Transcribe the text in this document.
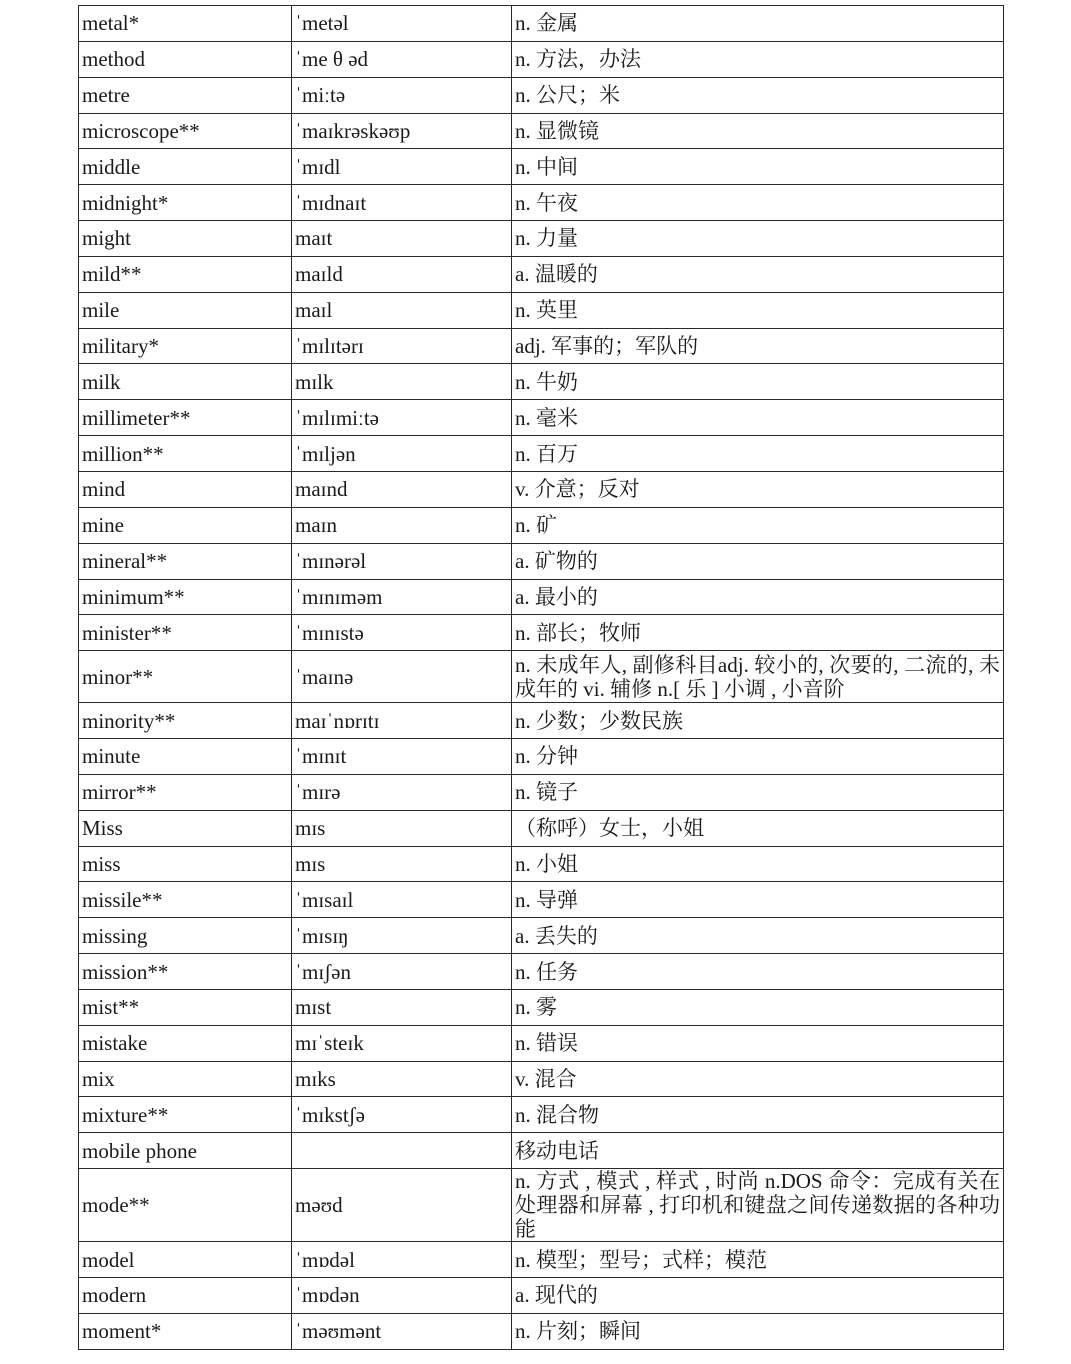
metal*	ˈmetəl	n. 金属
method	ˈme θ əd	n. 方法，办法
metre	ˈmiːtə	n. 公尺；米
microscope**	ˈmaɪkrəskəʊp	n. 显微镜
middle	ˈmɪdl	n. 中间
midnight*	ˈmɪdnaɪt	n. 午夜
might	maɪt	n. 力量
mild**	maɪld	a. 温暖的
mile	maɪl	n. 英里
military*	ˈmɪlɪtərɪ	adj. 军事的；军队的
milk	mɪlk	n. 牛奶
millimeter**	ˈmɪlɪmiːtə	n. 毫米
million**	ˈmɪljən	n. 百万
mind	maɪnd	v. 介意；反对
mine	maɪn	n. 矿
mineral**	ˈmɪnərəl	a. 矿物的
minimum**	ˈmɪnɪməm	a. 最小的
minister**	ˈmɪnɪstə	n. 部长；牧师
minor**	ˈmaɪnə	n. 未成年人, 副修科目adj. 较小的, 次要的, 二流的, 未成年的 vi. 辅修 n.[ 乐 ] 小调 , 小音阶
minority**	maɪˈnɒrɪtɪ	n. 少数；少数民族
minute	ˈmɪnɪt	n. 分钟
mirror**	ˈmɪrə	n. 镜子
Miss	mɪs	（称呼）女士，小姐
miss	mɪs	n. 小姐
missile**	ˈmɪsaɪl	n. 导弹
missing	ˈmɪsɪŋ	a. 丢失的
mission**	ˈmɪʃən	n. 任务
mist**	mɪst	n. 雾
mistake	mɪˈsteɪk	n. 错误
mix	mɪks	v. 混合
mixture**	ˈmɪkstʃə	n. 混合物
mobile phone		移动电话
mode**	məʊd	n. 方式 , 模式 , 样式 , 时尚 n.DOS 命令：完成有关在处理器和屏幕 , 打印机和键盘之间传递数据的各种功能
model	ˈmɒdəl	n. 模型；型号；式样；模范
modern	ˈmɒdən	a. 现代的
moment*	ˈməʊmənt	n. 片刻；瞬间
